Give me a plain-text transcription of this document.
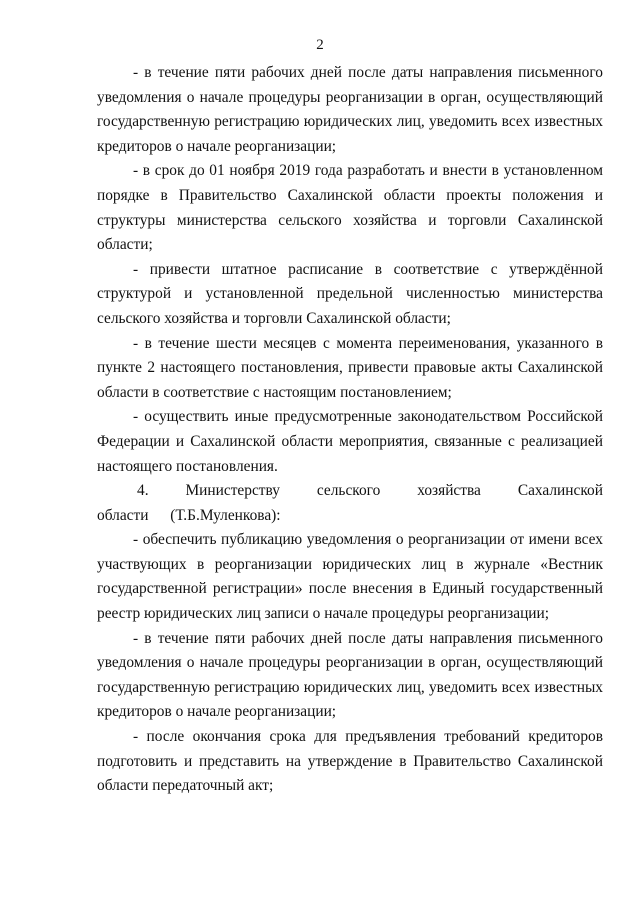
2

- в течение пяти рабочих дней после даты направления письменного уведомления о начале процедуры реорганизации в орган, осуществляющий государственную регистрацию юридических лиц, уведомить всех известных кредиторов о начале реорганизации;

- в срок до 01 ноября 2019 года разработать и внести в установленном порядке в Правительство Сахалинской области проекты положения и структуры министерства сельского хозяйства и торговли Сахалинской области;

- привести штатное расписание в соответствие с утверждённой структурой и установленной предельной численностью министерства сельского хозяйства и торговли Сахалинской области;

- в течение шести месяцев с момента переименования, указанного в пункте 2 настоящего постановления, привести правовые акты Сахалинской области в соответствие с настоящим постановлением;

- осуществить иные предусмотренные законодательством Российской Федерации и Сахалинской области мероприятия, связанные с реализацией настоящего постановления.

4. Министерству сельского хозяйства Сахалинской области (Т.Б.Муленкова):

- обеспечить публикацию уведомления о реорганизации от имени всех участвующих в реорганизации юридических лиц в журнале «Вестник государственной регистрации» после внесения в Единый государственный реестр юридических лиц записи о начале процедуры реорганизации;

- в течение пяти рабочих дней после даты направления письменного уведомления о начале процедуры реорганизации в орган, осуществляющий государственную регистрацию юридических лиц, уведомить всех известных кредиторов о начале реорганизации;

- после окончания срока для предъявления требований кредиторов подготовить и представить на утверждение в Правительство Сахалинской области передаточный акт;
